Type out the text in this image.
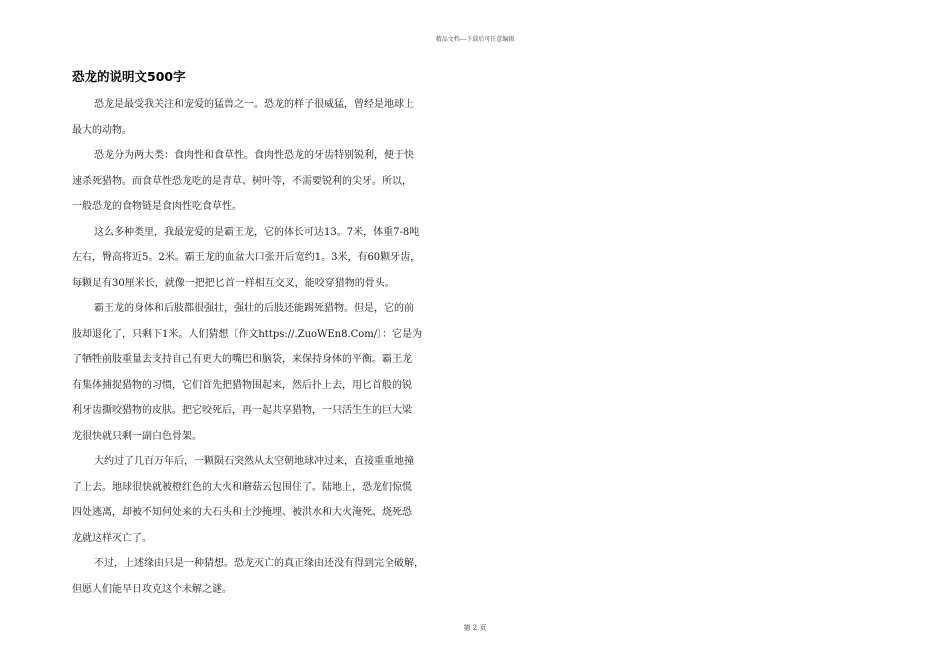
精品文档---下载后可任意编辑
恐龙的说明文500字
恐龙是最受我关注和宠爱的猛兽之一。恐龙的样子很威猛，曾经是地球上
最大的动物。
恐龙分为两大类：食肉性和食草性。食肉性恐龙的牙齿特别锐利，便于快
速杀死猎物。而食草性恐龙吃的是青草、树叶等，不需要锐利的尖牙。所以，
一般恐龙的食物链是食肉性吃食草性。
这么多种类里，我最宠爱的是霸王龙，它的体长可达13。7米，体重7-8吨
左右，臀高将近5。2米。霸王龙的血盆大口张开后宽约1。3米，有60颗牙齿，
每颗足有30厘米长，就像一把把匕首一样相互交叉，能咬穿猎物的骨头。
霸王龙的身体和后肢都很强壮，强壮的后肢还能踢死猎物。但是，它的前
肢却退化了，只剩下1米。人们猜想〔作文https://.ZuoWEn8.Com/〕：它是为
了牺牲前肢重量去支持自己有更大的嘴巴和脑袋，来保持身体的平衡。霸王龙
有集体捕捉猎物的习惯，它们首先把猎物围起来，然后扑上去，用匕首般的锐
利牙齿撕咬猎物的皮肤。把它咬死后，再一起共享猎物，一只活生生的巨大梁
龙很快就只剩一副白色骨架。
大约过了几百万年后，一颗陨石突然从太空朝地球冲过来，直接重重地撞
了上去。地球很快就被橙红色的大火和蘑菇云包围住了。陆地上，恐龙们惊慌
四处逃离，却被不知何处来的大石头和土沙掩埋、被洪水和大火淹死、烧死恐
龙就这样灭亡了。
不过，上述缘由只是一种猜想。恐龙灭亡的真正缘由还没有得到完全破解，
但愿人们能早日攻克这个未解之谜。
第 2 页
